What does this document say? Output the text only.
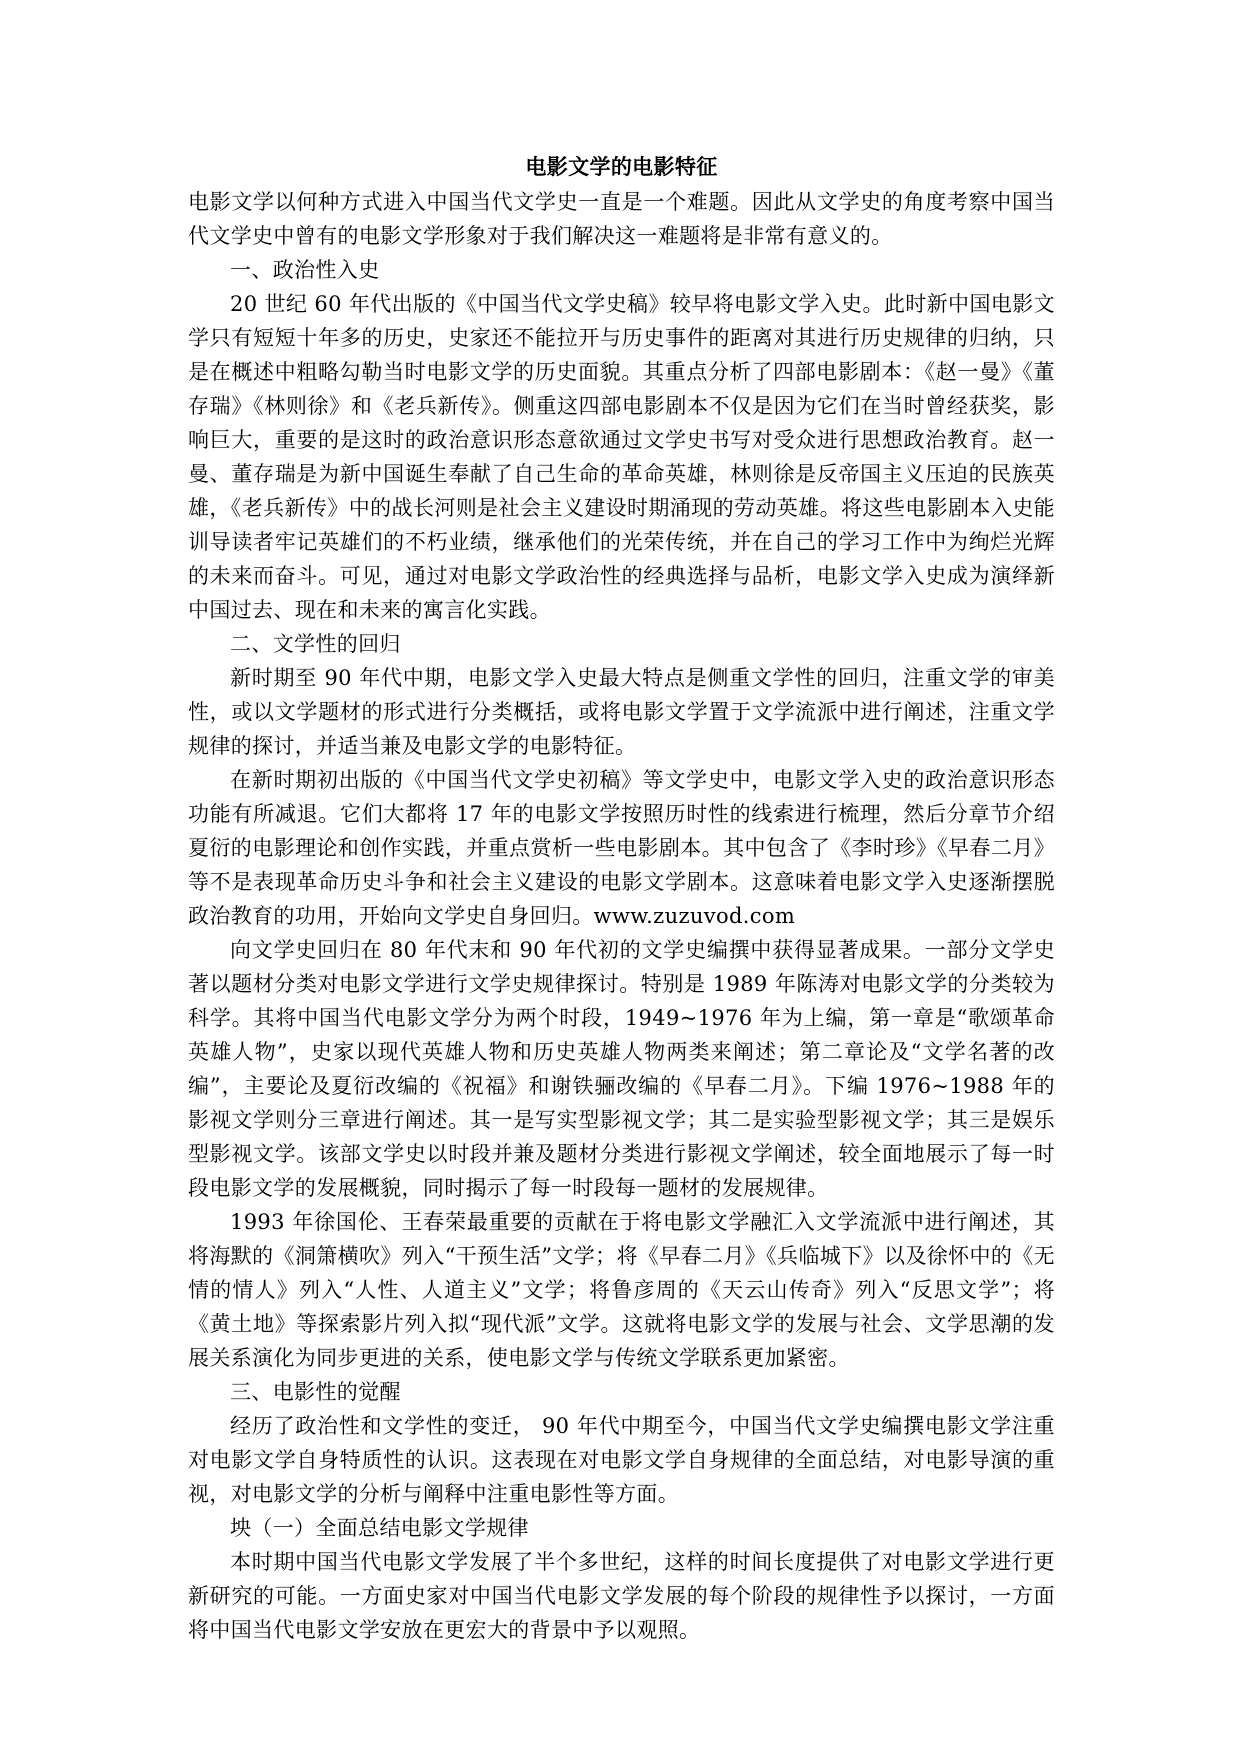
电影文学的电影特征

电影文学以何种方式进入中国当代文学史一直是一个难题。因此从文学史的角度考察中国当代文学史中曾有的电影文学形象对于我们解决这一难题将是非常有意义的。

一、政治性入史

20 世纪 60 年代出版的《中国当代文学史稿》较早将电影文学入史。此时新中国电影文学只有短短十年多的历史，史家还不能拉开与历史事件的距离对其进行历史规律的归纳，只是在概述中粗略勾勒当时电影文学的历史面貌。其重点分析了四部电影剧本：《赵一曼》《董存瑞》《林则徐》和《老兵新传》。侧重这四部电影剧本不仅是因为它们在当时曾经获奖，影响巨大，重要的是这时的政治意识形态意欲通过文学史书写对受众进行思想政治教育。赵一曼、董存瑞是为新中国诞生奉献了自己生命的革命英雄，林则徐是反帝国主义压迫的民族英雄，《老兵新传》中的战长河则是社会主义建设时期涌现的劳动英雄。将这些电影剧本入史能训导读者牢记英雄们的不朽业绩，继承他们的光荣传统，并在自己的学习工作中为绚烂光辉的未来而奋斗。可见，通过对电影文学政治性的经典选择与品析，电影文学入史成为演绎新中国过去、现在和未来的寓言化实践。

二、文学性的回归

新时期至 90 年代中期，电影文学入史最大特点是侧重文学性的回归，注重文学的审美性，或以文学题材的形式进行分类概括，或将电影文学置于文学流派中进行阐述，注重文学规律的探讨，并适当兼及电影文学的电影特征。

在新时期初出版的《中国当代文学史初稿》等文学史中，电影文学入史的政治意识形态功能有所减退。它们大都将 17 年的电影文学按照历时性的线索进行梳理，然后分章节介绍夏衍的电影理论和创作实践，并重点赏析一些电影剧本。其中包含了《李时珍》《早春二月》等不是表现革命历史斗争和社会主义建设的电影文学剧本。这意味着电影文学入史逐渐摆脱政治教育的功用，开始向文学史自身回归。www.zuzuvod.com

向文学史回归在 80 年代末和 90 年代初的文学史编撰中获得显著成果。一部分文学史著以题材分类对电影文学进行文学史规律探讨。特别是 1989 年陈涛对电影文学的分类较为科学。其将中国当代电影文学分为两个时段，1949~1976 年为上编，第一章是“歌颂革命英雄人物”，史家以现代英雄人物和历史英雄人物两类来阐述；第二章论及“文学名著的改编”，主要论及夏衍改编的《祝福》和谢铁骊改编的《早春二月》。下编 1976~1988 年的影视文学则分三章进行阐述。其一是写实型影视文学；其二是实验型影视文学；其三是娱乐型影视文学。该部文学史以时段并兼及题材分类进行影视文学阐述，较全面地展示了每一时段电影文学的发展概貌，同时揭示了每一时段每一题材的发展规律。

1993 年徐国伦、王春荣最重要的贡献在于将电影文学融汇入文学流派中进行阐述，其将海默的《洞箫横吹》列入“干预生活”文学；将《早春二月》《兵临城下》以及徐怀中的《无情的情人》列入“人性、人道主义”文学；将鲁彦周的《天云山传奇》列入“反思文学”；将《黄土地》等探索影片列入拟“现代派”文学。这就将电影文学的发展与社会、文学思潮的发展关系演化为同步更进的关系，使电影文学与传统文学联系更加紧密。

三、电影性的觉醒

经历了政治性和文学性的变迁， 90 年代中期至今，中国当代文学史编撰电影文学注重对电影文学自身特质性的认识。这表现在对电影文学自身规律的全面总结，对电影导演的重视，对电影文学的分析与阐释中注重电影性等方面。

坱（一）全面总结电影文学规律

本时期中国当代电影文学发展了半个多世纪，这样的时间长度提供了对电影文学进行更新研究的可能。一方面史家对中国当代电影文学发展的每个阶段的规律性予以探讨，一方面将中国当代电影文学安放在更宏大的背景中予以观照。
